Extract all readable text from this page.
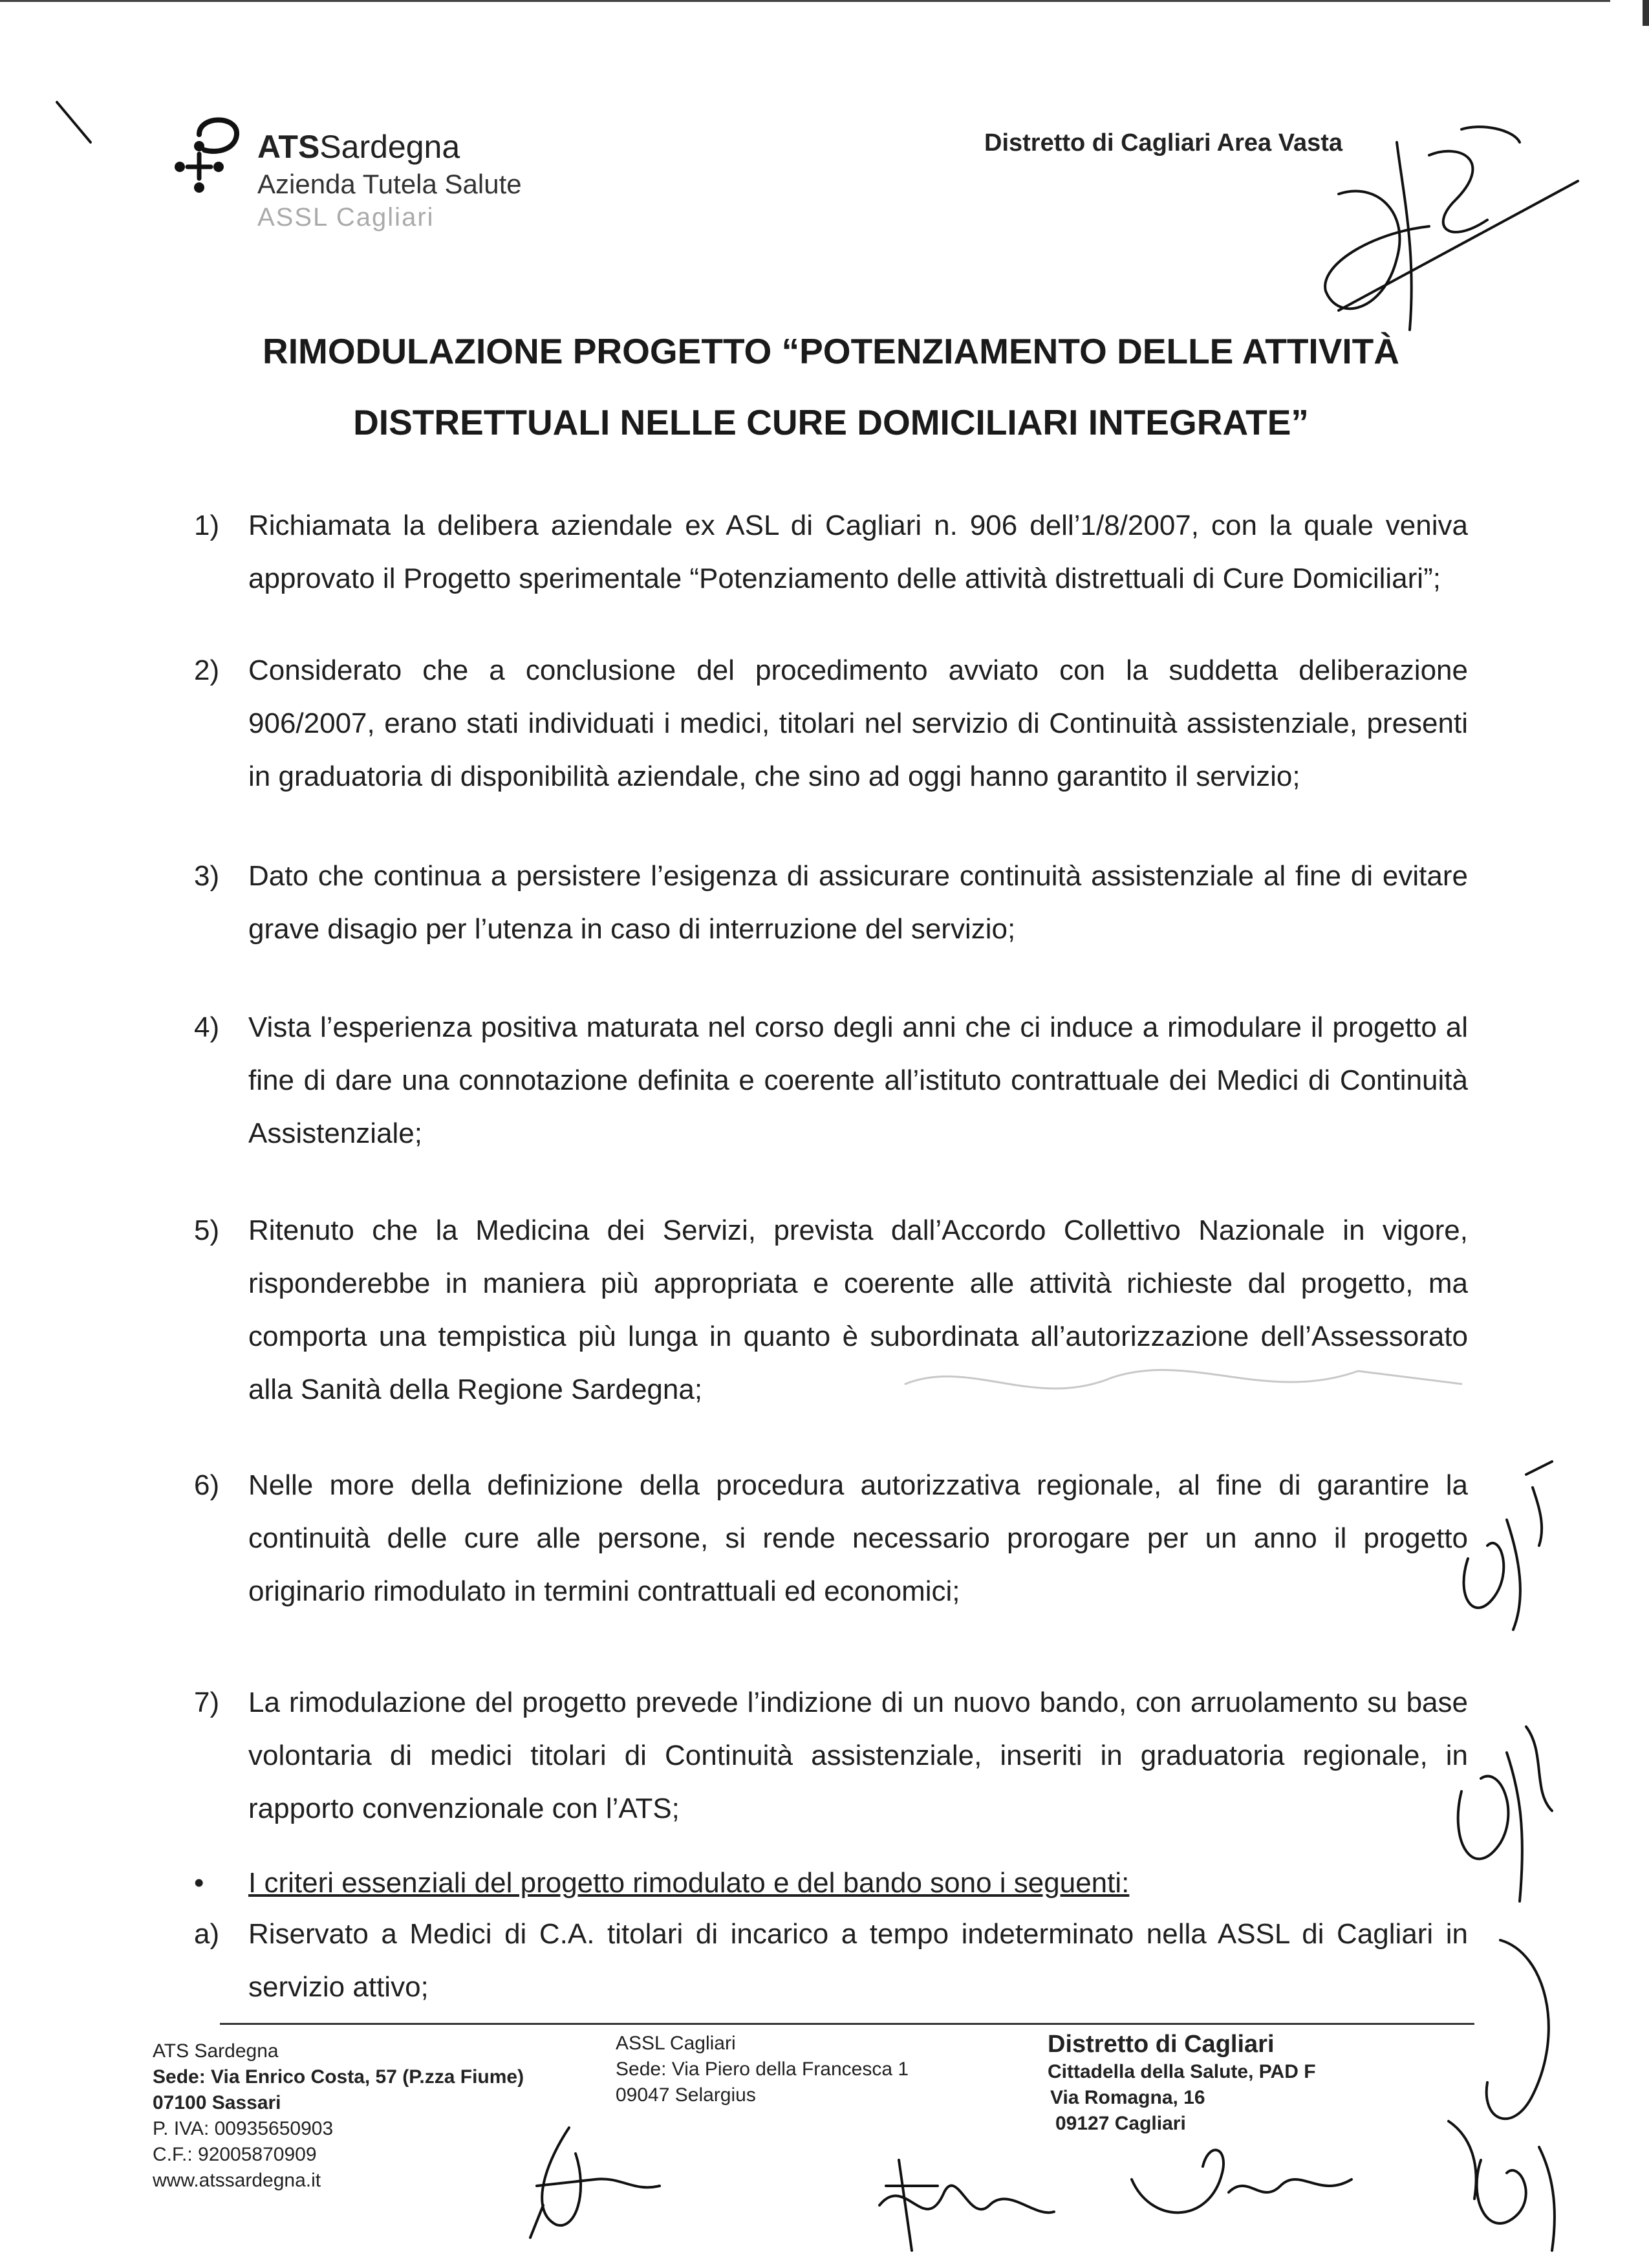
ATSSardegna
Azienda Tutela Salute
ASSL Cagliari
Distretto di Cagliari Area Vasta
RIMODULAZIONE PROGETTO “POTENZIAMENTO DELLE ATTIVITÀ
DISTRETTUALI NELLE CURE DOMICILIARI INTEGRATE”
1) Richiamata la delibera aziendale ex ASL di Cagliari n. 906 dell’1/8/2007, con la quale veniva approvato il Progetto sperimentale “Potenziamento delle attività distrettuali di Cure Domiciliari”;
2) Considerato che a conclusione del procedimento avviato con la suddetta deliberazione 906/2007, erano stati individuati i medici, titolari nel servizio di Continuità assistenziale, presenti in graduatoria di disponibilità aziendale, che sino ad oggi hanno garantito il servizio;
3) Dato che continua a persistere l’esigenza di assicurare continuità assistenziale al fine di evitare grave disagio per l’utenza in caso di interruzione del servizio;
4) Vista l’esperienza positiva maturata nel corso degli anni che ci induce a rimodulare il progetto al fine di dare una connotazione definita e coerente all’istituto contrattuale dei Medici di Continuità Assistenziale;
5) Ritenuto che la Medicina dei Servizi, prevista dall’Accordo Collettivo Nazionale in vigore, risponderebbe in maniera più appropriata e coerente alle attività richieste dal progetto, ma comporta una tempistica più lunga in quanto è subordinata all’autorizzazione dell’Assessorato alla Sanità della Regione Sardegna;
6) Nelle more della definizione della procedura autorizzativa regionale, al fine di garantire la continuità delle cure alle persone, si rende necessario prorogare per un anno il progetto originario rimodulato in termini contrattuali ed economici;
7) La rimodulazione del progetto prevede l’indizione di un nuovo bando, con arruolamento su base volontaria di medici titolari di Continuità assistenziale, inseriti in graduatoria regionale, in rapporto convenzionale con l’ATS;
• I criteri essenziali del progetto rimodulato e del bando sono i seguenti:
a) Riservato a Medici di C.A. titolari di incarico a tempo indeterminato nella ASSL di Cagliari in servizio attivo;
ATS Sardegna
Sede: Via Enrico Costa, 57 (P.zza Fiume)
07100 Sassari
P. IVA: 00935650903
C.F.: 92005870909
www.atssardegna.it
ASSL Cagliari
Sede: Via Piero della Francesca 1
09047 Selargius
Distretto di Cagliari
Cittadella della Salute, PAD F
Via Romagna, 16
09127 Cagliari
